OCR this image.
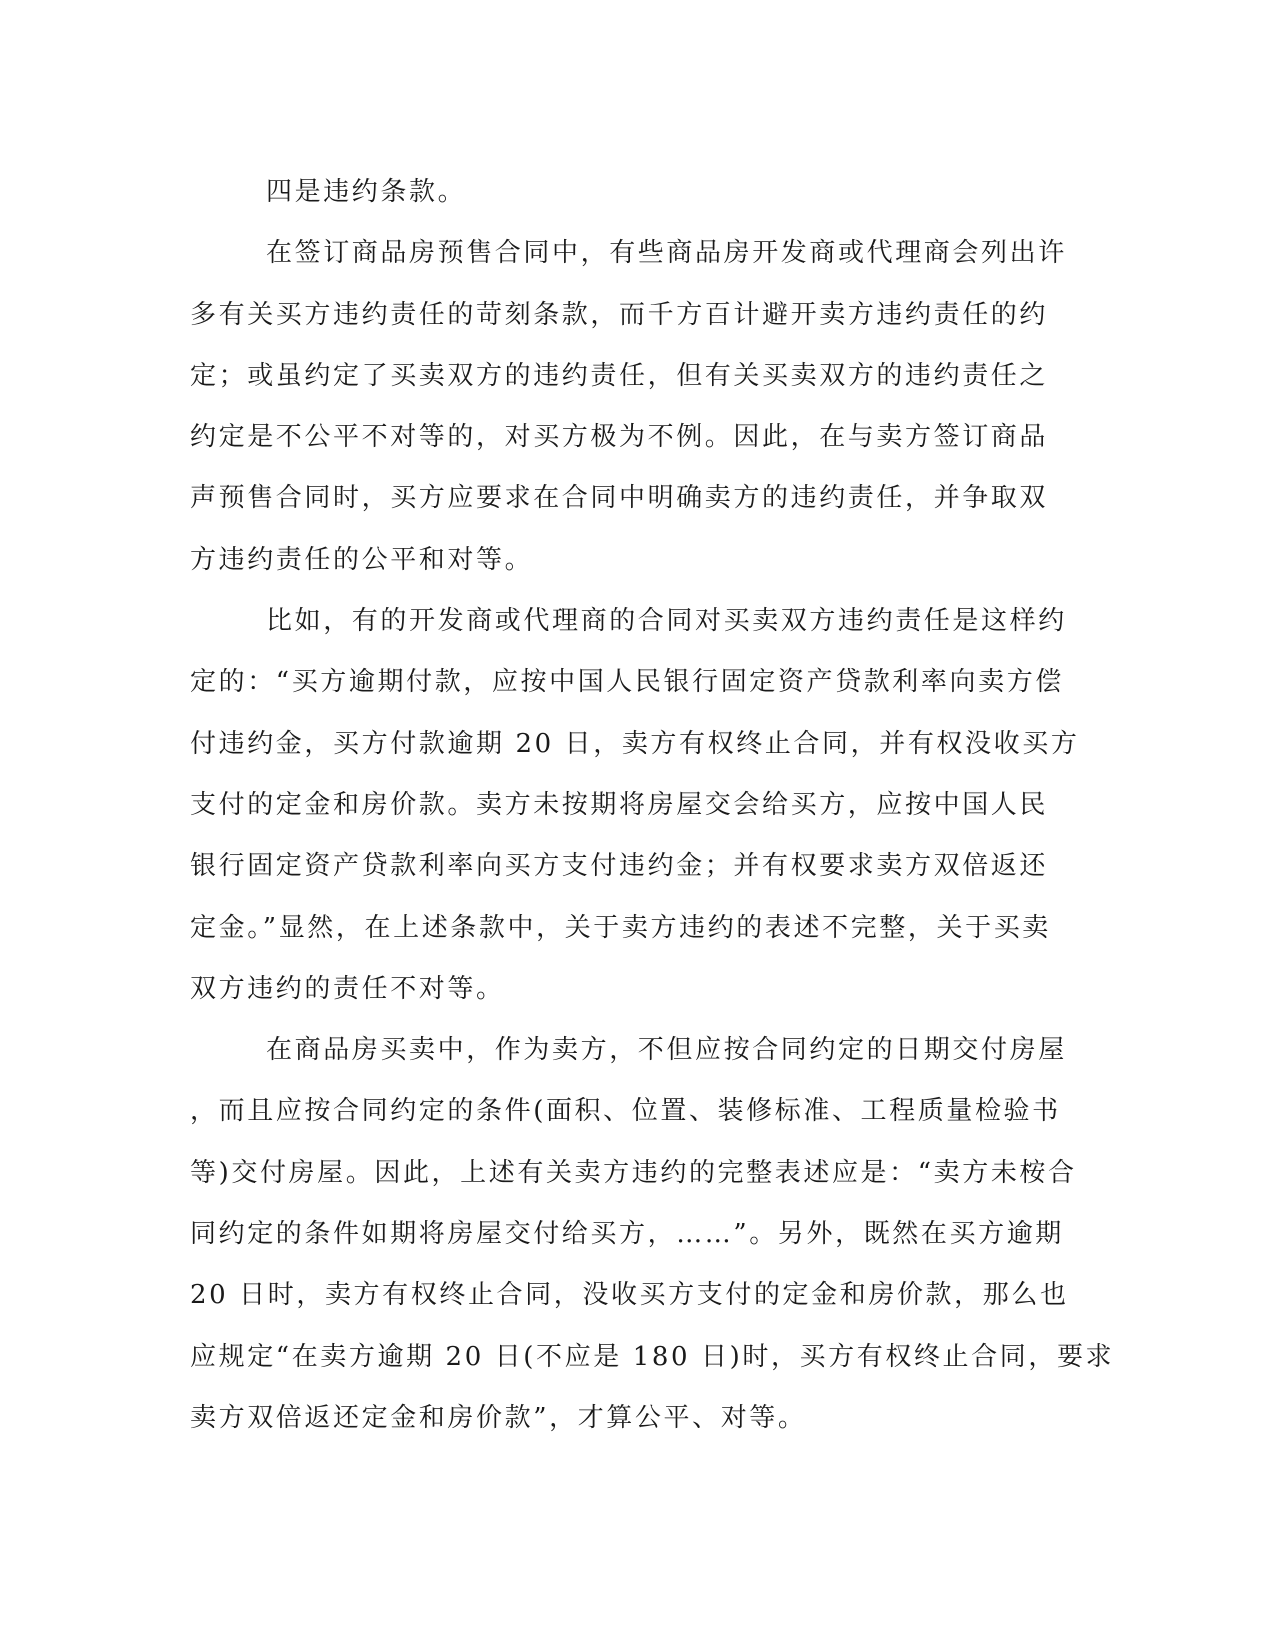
四是违约条款。
在签订商品房预售合同中，有些商品房开发商或代理商会列出许
多有关买方违约责任的苛刻条款，而千方百计避开卖方违约责任的约
定；或虽约定了买卖双方的违约责任，但有关买卖双方的违约责任之
约定是不公平不对等的，对买方极为不例。因此，在与卖方签订商品
声预售合同时，买方应要求在合同中明确卖方的违约责任，并争取双
方违约责任的公平和对等。
比如，有的开发商或代理商的合同对买卖双方违约责任是这样约
定的：“买方逾期付款，应按中国人民银行固定资产贷款利率向卖方偿
付违约金，买方付款逾期 20 日，卖方有权终止合同，并有权没收买方
支付的定金和房价款。卖方未按期将房屋交会给买方，应按中国人民
银行固定资产贷款利率向买方支付违约金；并有权要求卖方双倍返还
定金。”显然，在上述条款中，关于卖方违约的表述不完整，关于买卖
双方违约的责任不对等。
在商品房买卖中，作为卖方，不但应按合同约定的日期交付房屋
，而且应按合同约定的条件(面积、位置、装修标准、工程质量检验书
等)交付房屋。因此，上述有关卖方违约的完整表述应是：“卖方未桉合
同约定的条件如期将房屋交付给买方，……”。另外，既然在买方逾期
20 日时，卖方有权终止合同，没收买方支付的定金和房价款，那么也
应规定“在卖方逾期 20 日(不应是 180 日)时，买方有权终止合同，要求
卖方双倍返还定金和房价款”，才算公平、对等。
